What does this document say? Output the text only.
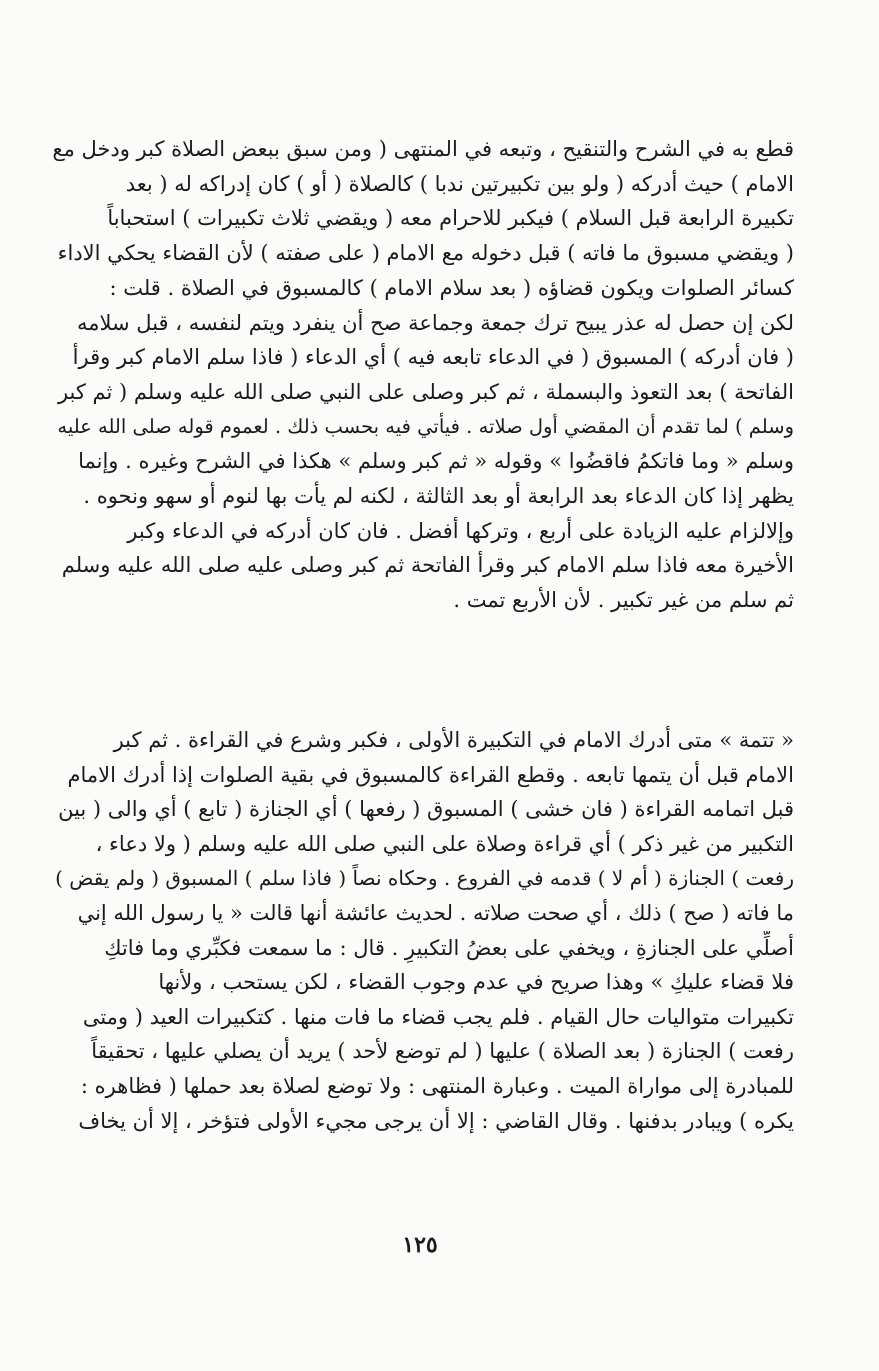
قطع به في الشرح والتنقيح ، وتبعه في المنتهى ( ومن سبق ببعض الصلاة كبر ودخل مع
الامام ) حيث أدركه ( ولو بين تكبيرتين ندبا ) كالصلاة ( أو ) كان إدراكه له ( بعد
تكبيرة الرابعة قبل السلام ) فيكبر للاحرام معه ( ويقضي ثلاث تكبيرات ) استحباباً
( ويقضي مسبوق ما فاته ) قبل دخوله مع الامام ( على صفته ) لأن القضاء يحكي الاداء
كسائر الصلوات ويكون قضاؤه ( بعد سلام الامام ) كالمسبوق في الصلاة . قلت :
لكن إن حصل له عذر يبيح ترك جمعة وجماعة صح أن ينفرد ويتم لنفسه ، قبل سلامه
( فان أدركه ) المسبوق ( في الدعاء تابعه فيه ) أي الدعاء ( فاذا سلم الامام كبر وقرأ
الفاتحة ) بعد التعوذ والبسملة ، ثم كبر وصلى على النبي صلى الله عليه وسلم ( ثم كبر
وسلم ) لما تقدم أن المقضي أول صلاته . فيأتي فيه بحسب ذلك . لعموم قوله صلى الله عليه
وسلم « وما فاتكمُ فاقضُوا » وقوله « ثم كبر وسلم » هكذا في الشرح وغيره . وإنما
يظهر إذا كان الدعاء بعد الرابعة أو بعد الثالثة ، لكنه لم يأت بها لنوم أو سهو ونحوه .
وإلالزام عليه الزيادة على أربع ، وتركها أفضل . فان كان أدركه في الدعاء وكبر
الأخيرة معه فاذا سلم الامام كبر وقرأ الفاتحة ثم كبر وصلى عليه صلى الله عليه وسلم
ثم سلم من غير تكبير . لأن الأربع تمت .
« تتمة » متى أدرك الامام في التكبيرة الأولى ، فكبر وشرع في القراءة . ثم كبر
الامام قبل أن يتمها تابعه . وقطع القراءة كالمسبوق في بقية الصلوات إذا أدرك الامام
قبل اتمامه القراءة ( فان خشى ) المسبوق ( رفعها ) أي الجنازة ( تابع ) أي والى ( بين
التكبير من غير ذكر ) أي قراءة وصلاة على النبي صلى الله عليه وسلم ( ولا دعاء ،
رفعت ) الجنازة ( أم لا ) قدمه في الفروع . وحكاه نصاً ( فاذا سلم ) المسبوق ( ولم يقض )
ما فاته ( صح ) ذلك ، أي صحت صلاته . لحديث عائشة أنها قالت « يا رسول الله إني
أصلِّي على الجنازةِ ، ويخفي على بعضُ التكبيرِ . قال : ما سمعت فكبِّري وما فاتكِ
فلا قضاء عليكِ » وهذا صريح في عدم وجوب القضاء ، لكن يستحب ، ولأنها
تكبيرات متواليات حال القيام . فلم يجب قضاء ما فات منها . كتكبيرات العيد ( ومتى
رفعت ) الجنازة ( بعد الصلاة ) عليها ( لم توضع لأحد ) يريد أن يصلي عليها ، تحقيقاً
للمبادرة إلى مواراة الميت . وعبارة المنتهى : ولا توضع لصلاة بعد حملها ( فظاهره :
يكره ) ويبادر بدفنها . وقال القاضي : إلا أن يرجى مجيء الأولى فتؤخر ، إلا أن يخاف
١٢٥
